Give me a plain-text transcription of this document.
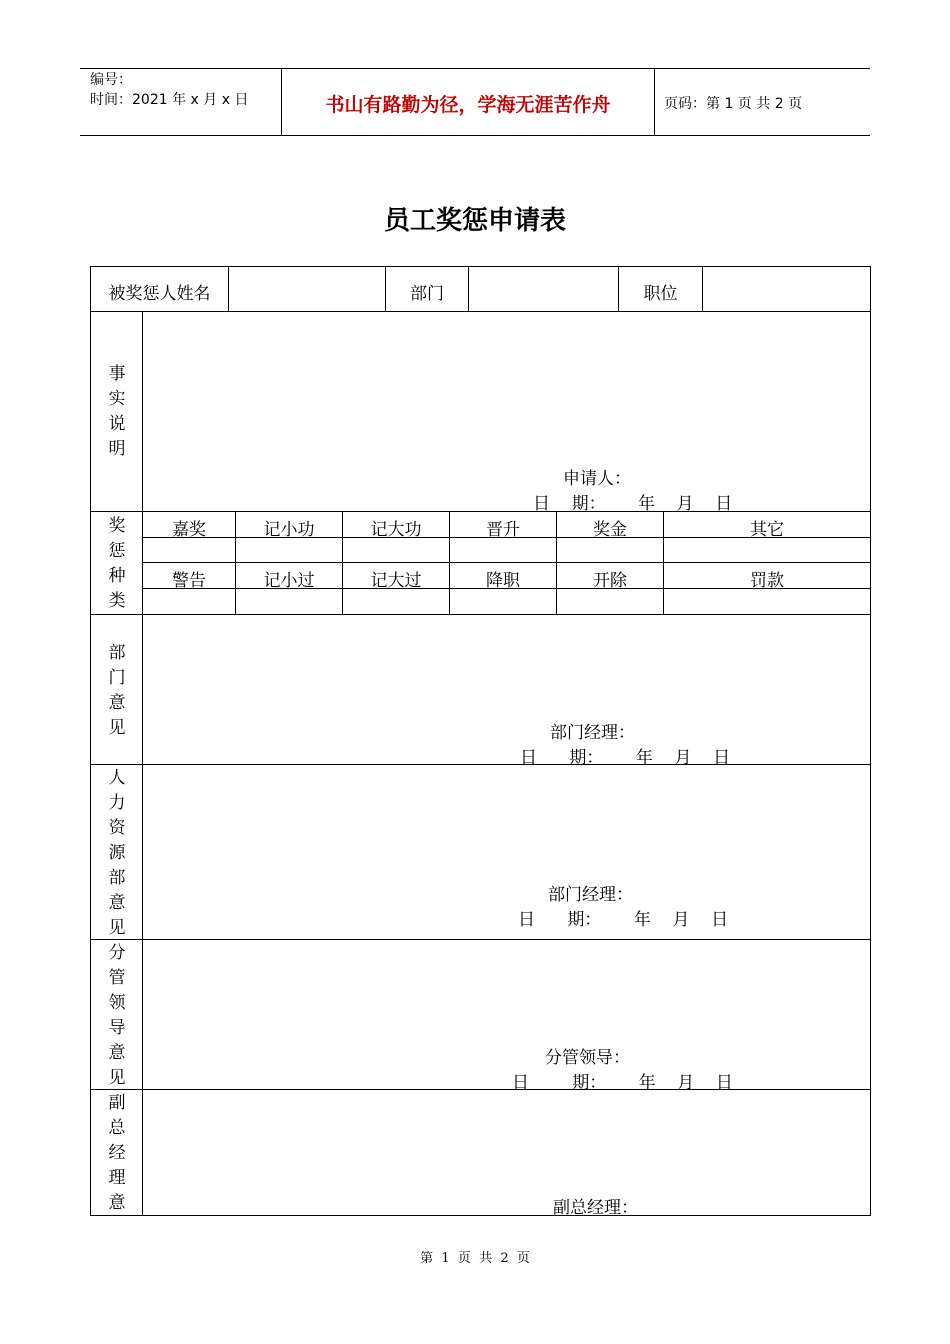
编号：
时间：2021 年 x 月 x 日	书山有路勤为径，学海无涯苦作舟	页码：第 1 页 共 2 页
员工奖惩申请表
被奖惩人姓名	部门	职位
事
实
说
明
申请人：
日    期：      年    月    日
奖
惩
种
类
嘉奖	记小功	记大功	晋升	奖金	其它
警告	记小过	记大过	降职	开除	罚款
部
门
意
见	部门经理：
日      期：      年    月    日
人
力
资
源
部
意
见
部门经理：
日      期：      年    月    日
分
管
领
导
意
见
分管领导：
日        期：      年    月    日
副
总
经
理
意	副总经理：
第  1  页  共  2  页
